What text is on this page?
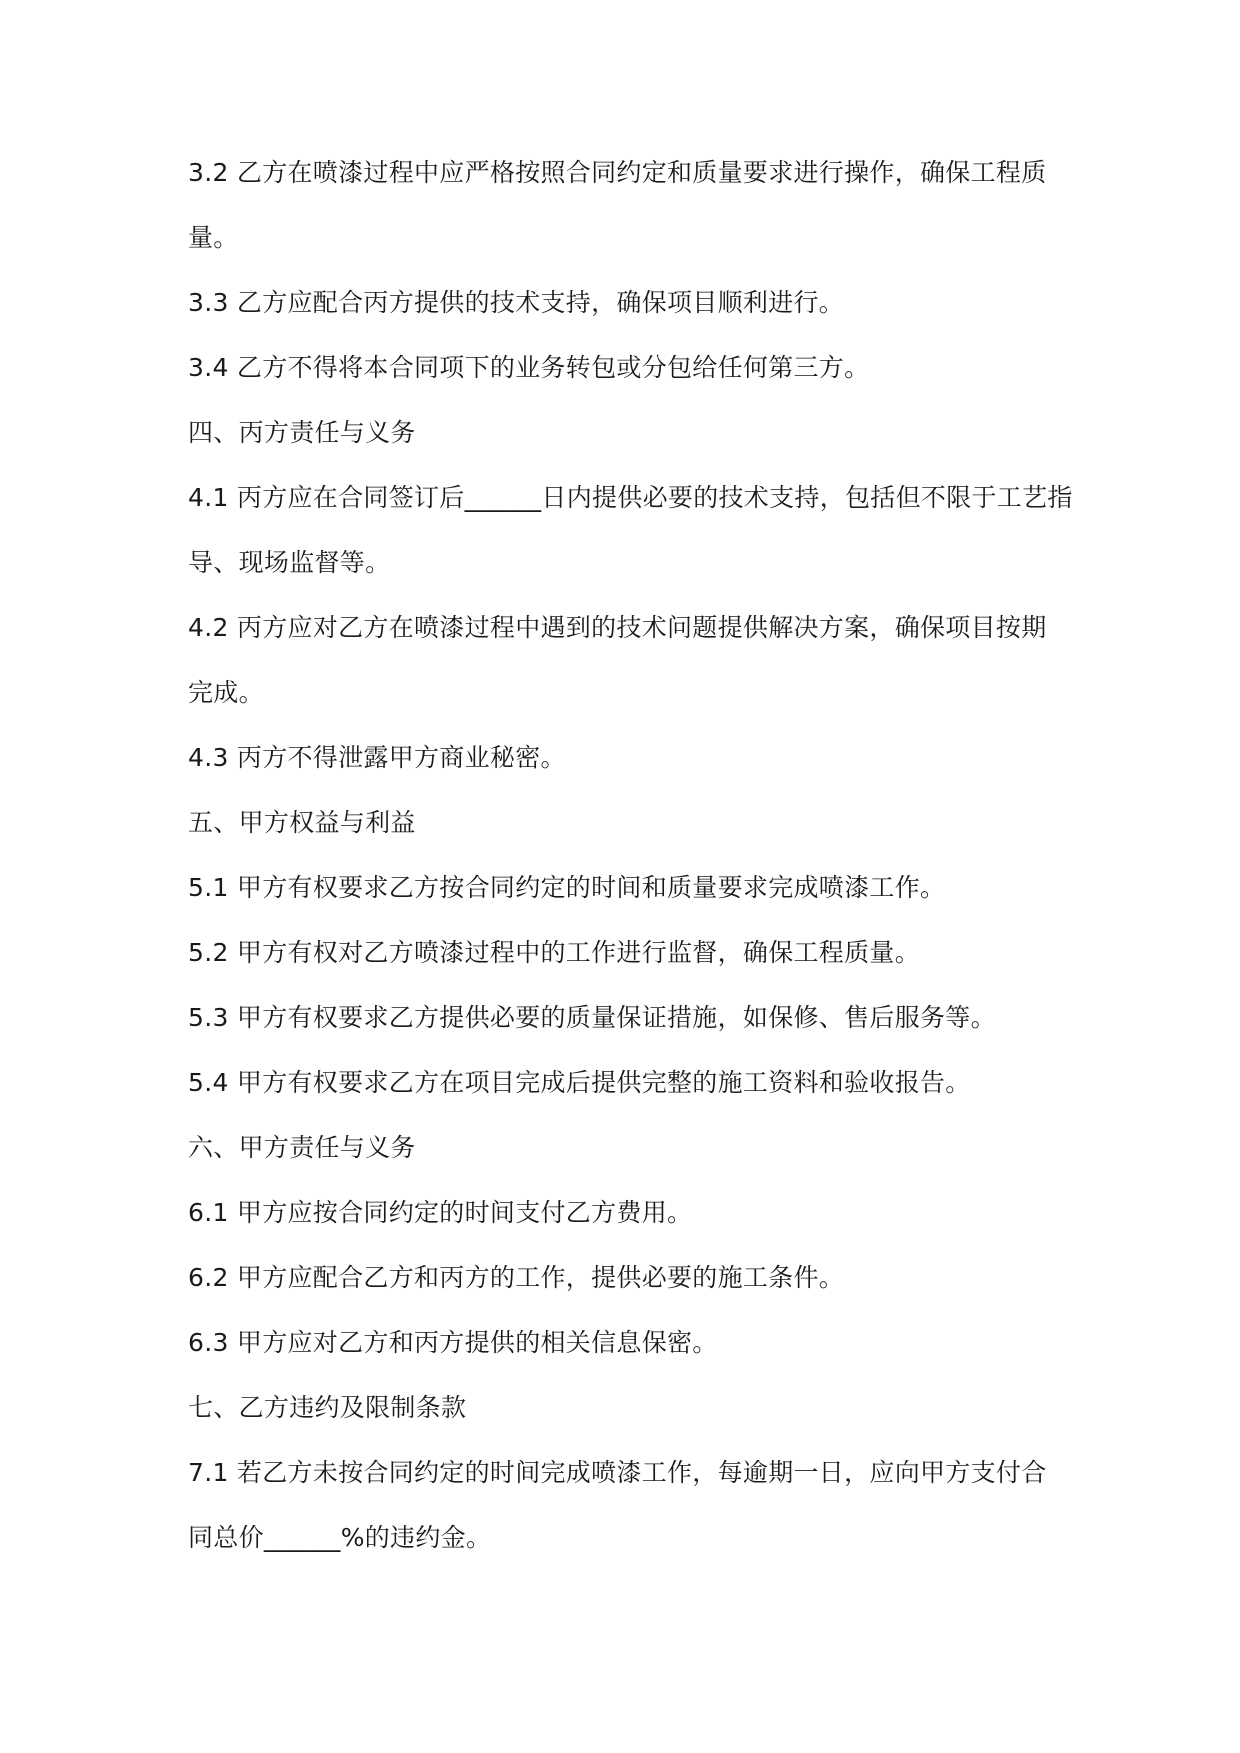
3.2 乙方在喷漆过程中应严格按照合同约定和质量要求进行操作，确保工程质
量。
3.3 乙方应配合丙方提供的技术支持，确保项目顺利进行。
3.4 乙方不得将本合同项下的业务转包或分包给任何第三方。
四、丙方责任与义务
4.1 丙方应在合同签订后______日内提供必要的技术支持，包括但不限于工艺指
导、现场监督等。
4.2 丙方应对乙方在喷漆过程中遇到的技术问题提供解决方案，确保项目按期
完成。
4.3 丙方不得泄露甲方商业秘密。
五、甲方权益与利益
5.1 甲方有权要求乙方按合同约定的时间和质量要求完成喷漆工作。
5.2 甲方有权对乙方喷漆过程中的工作进行监督，确保工程质量。
5.3 甲方有权要求乙方提供必要的质量保证措施，如保修、售后服务等。
5.4 甲方有权要求乙方在项目完成后提供完整的施工资料和验收报告。
六、甲方责任与义务
6.1 甲方应按合同约定的时间支付乙方费用。
6.2 甲方应配合乙方和丙方的工作，提供必要的施工条件。
6.3 甲方应对乙方和丙方提供的相关信息保密。
七、乙方违约及限制条款
7.1 若乙方未按合同约定的时间完成喷漆工作，每逾期一日，应向甲方支付合
同总价______%的违约金。
